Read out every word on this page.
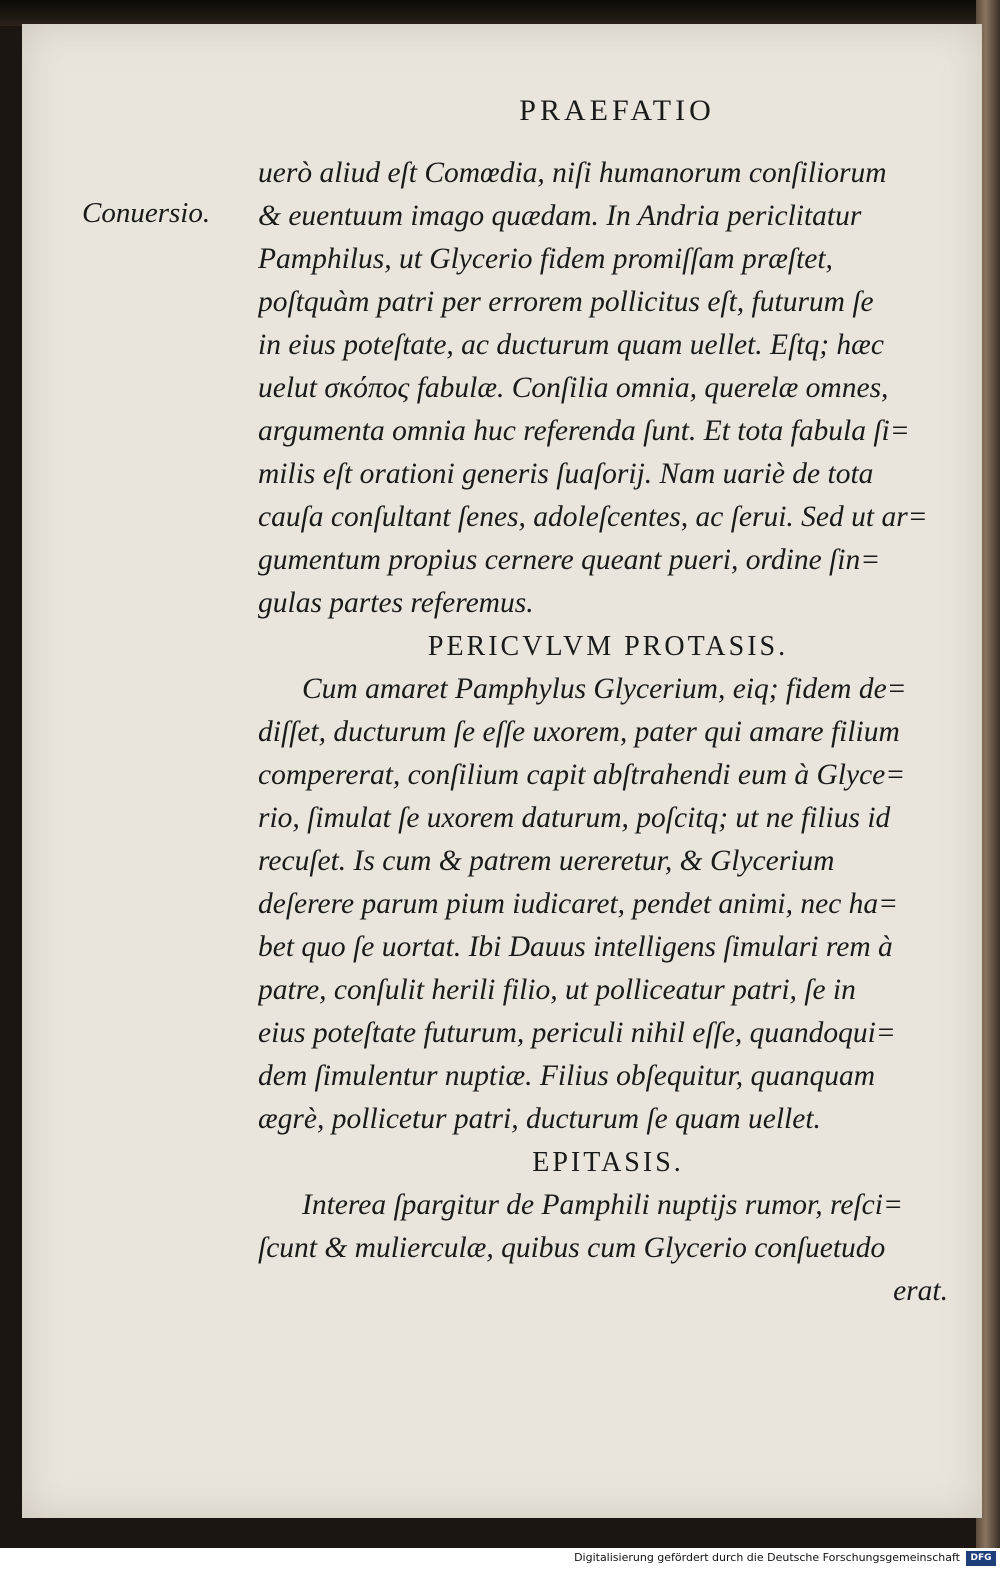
PRAEFATIO
Conuersio.
uerò aliud eſt Comœdia, niſi humanorum conſiliorum
& euentuum imago quædam. In Andria periclitatur
Pamphilus, ut Glycerio fidem promiſſam præſtet,
poſtquàm patri per errorem pollicitus eſt, futurum ſe
in eius poteſtate, ac ducturum quam uellet. Eſtq; hæc
uelut σκόπος fabulæ. Conſilia omnia, querelæ omnes,
argumenta omnia huc referenda ſunt. Et tota fabula ſi=
milis eſt orationi generis ſuaſorij. Nam uariè de tota
cauſa conſultant ſenes, adoleſcentes, ac ſerui. Sed ut ar=
gumentum propius cernere queant pueri, ordine ſin=
gulas partes referemus.
PERICVLVM PROTASIS.
Cum amaret Pamphylus Glycerium, eiq; fidem de=
diſſet, ducturum ſe eſſe uxorem, pater qui amare filium
compererat, conſilium capit abſtrahendi eum à Glyce=
rio, ſimulat ſe uxorem daturum, poſcitq; ut ne filius id
recuſet. Is cum & patrem uereretur, & Glycerium
deſerere parum pium iudicaret, pendet animi, nec ha=
bet quo ſe uortat. Ibi Dauus intelligens ſimulari rem à
patre, conſulit herili filio, ut polliceatur patri, ſe in
eius poteſtate futurum, periculi nihil eſſe, quandoqui=
dem ſimulentur nuptiæ. Filius obſequitur, quanquam
ægrè, pollicetur patri, ducturum ſe quam uellet.
EPITASIS.
Interea ſpargitur de Pamphili nuptijs rumor, reſci=
ſcunt & mulierculæ, quibus cum Glycerio conſuetudo
erat.
Digitalisierung gefördert durch die Deutsche Forschungsgemeinschaft	DFG
